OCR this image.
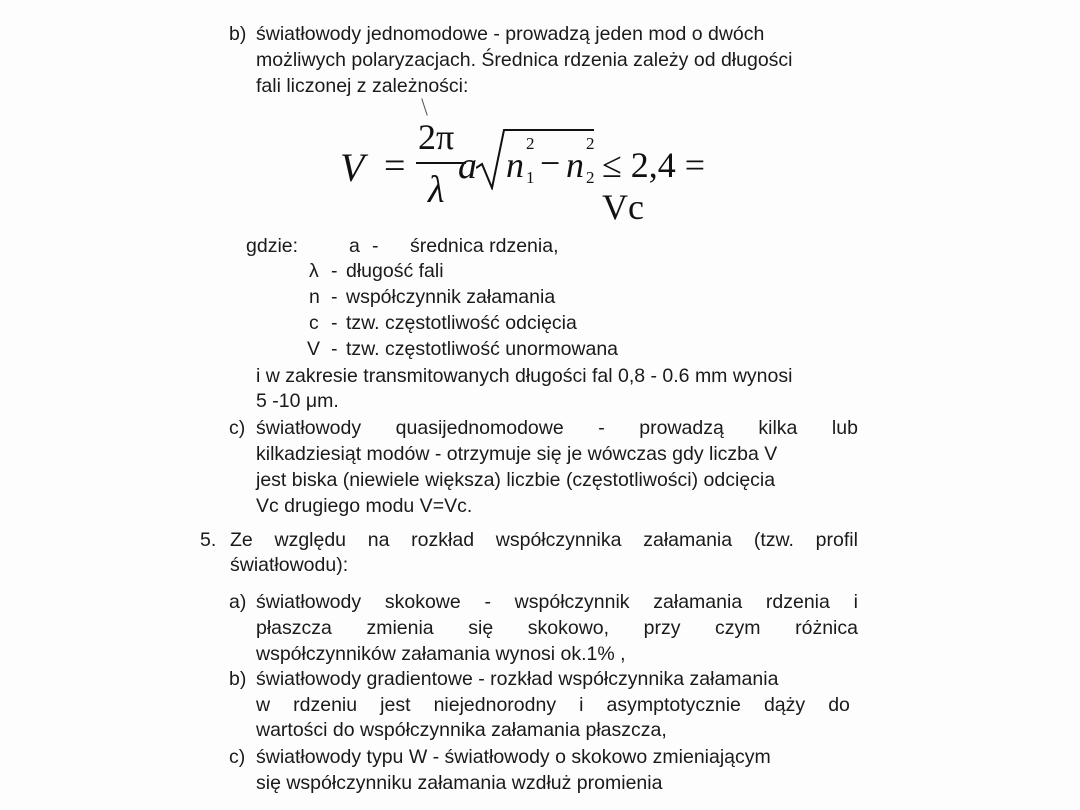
b) światłowody jednomodowe - prowadzą jeden mod o dwóch
możliwych polaryzacjach. Średnica rdzenia zależy od długości
fali liczonej z zależności:
V =
2π
λ
a n 1
2 − n 2
2
≤ 2,4 = Vc
gdzie:	a - średnica rdzenia,
λ - długość fali
n - współczynnik załamania
c - tzw. częstotliwość odcięcia
V - tzw. częstotliwość unormowana
i w zakresie transmitowanych długości fal 0,8 - 0.6 mm wynosi
5 -10 μm.
c) światłowody quasijednomodowe - prowadzą kilka lub
kilkadziesiąt modów - otrzymuje się je wówczas gdy liczba V
jest biska (niewiele większa) liczbie (częstotliwości) odcięcia
Vc drugiego modu V=Vc.
5. Ze względu na rozkład współczynnika załamania (tzw. profil
światłowodu):
a) światłowody skokowe - współczynnik załamania rdzenia i
płaszcza zmienia się skokowo, przy czym różnica
współczynników załamania wynosi ok.1% ,
b) światłowody gradientowe - rozkład współczynnika załamania
w rdzeniu jest niejednorodny i asymptotycznie dąży do
wartości do współczynnika załamania płaszcza,
c) światłowody typu W - światłowody o skokowo zmieniającym
się współczynniku załamania wzdłuż promienia
